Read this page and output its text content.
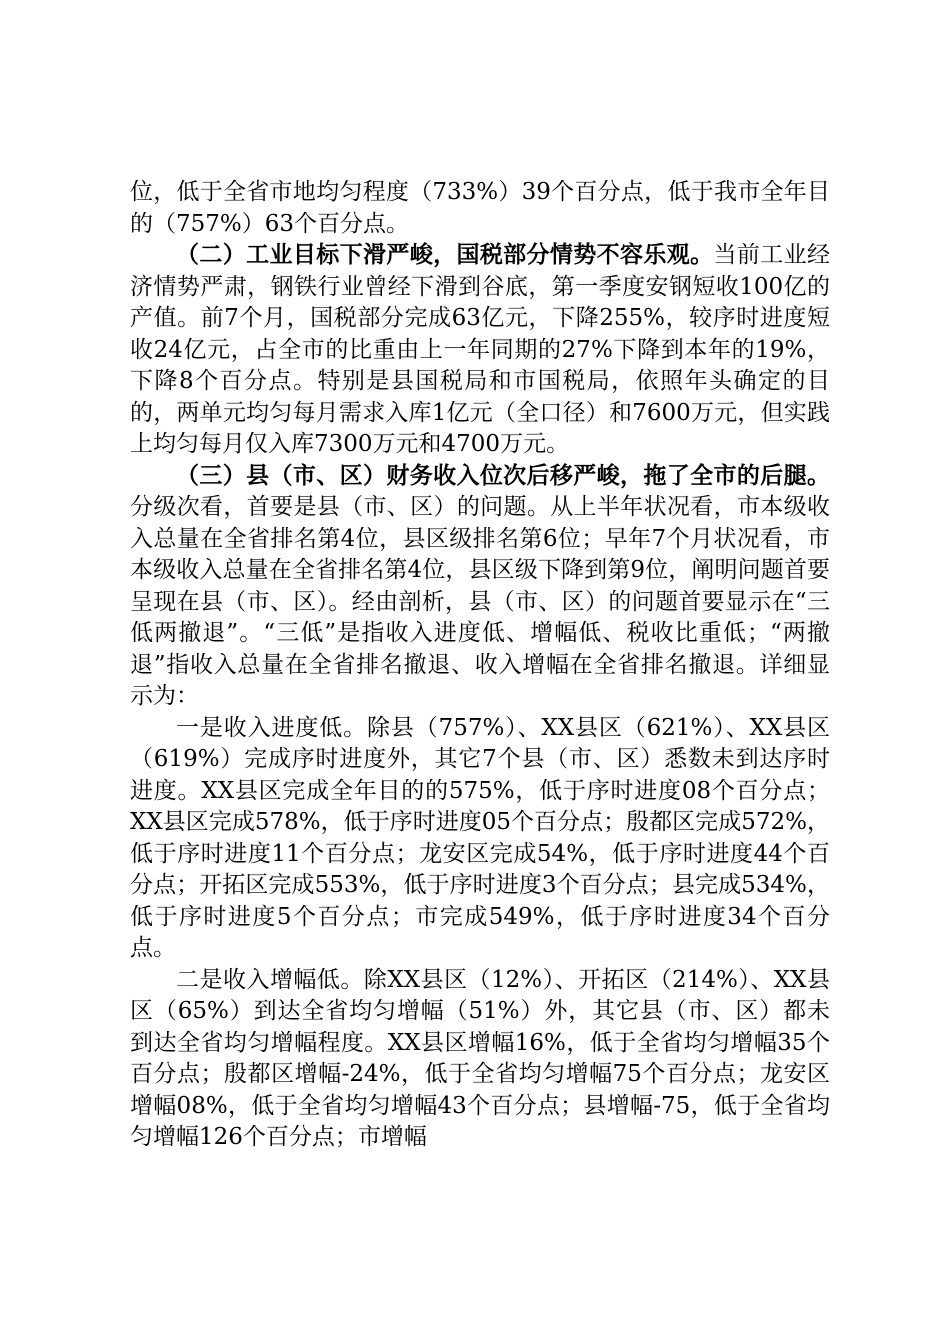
位，低于全省市地均匀程度（733%）39个百分点，低于我市全年目的（757%）63个百分点。

（二）工业目标下滑严峻，国税部分情势不容乐观。当前工业经济情势严肃，钢铁行业曾经下滑到谷底，第一季度安钢短收100亿的产值。前7个月，国税部分完成63亿元，下降255%，较序时进度短收24亿元，占全市的比重由上一年同期的27%下降到本年的19%，下降8个百分点。特别是县国税局和市国税局，依照年头确定的目的，两单元均匀每月需求入库1亿元（全口径）和7600万元，但实践上均匀每月仅入库7300万元和4700万元。

（三）县（市、区）财务收入位次后移严峻，拖了全市的后腿。分级次看，首要是县（市、区）的问题。从上半年状况看，市本级收入总量在全省排名第4位，县区级排名第6位；早年7个月状况看，市本级收入总量在全省排名第4位，县区级下降到第9位，阐明问题首要呈现在县（市、区）。经由剖析，县（市、区）的问题首要显示在“三低两撤退”。“三低”是指收入进度低、增幅低、税收比重低；“两撤退”指收入总量在全省排名撤退、收入增幅在全省排名撤退。详细显示为：

一是收入进度低。除县（757%）、XX县区（621%）、XX县区（619%）完成序时进度外，其它7个县（市、区）悉数未到达序时进度。XX县区完成全年目的的575%，低于序时进度08个百分点；XX县区完成578%，低于序时进度05个百分点；殷都区完成572%，低于序时进度11个百分点；龙安区完成54%，低于序时进度44个百分点；开拓区完成553%，低于序时进度3个百分点；县完成534%，低于序时进度5个百分点；市完成549%，低于序时进度34个百分点。

二是收入增幅低。除XX县区（12%）、开拓区（214%）、XX县区（65%）到达全省均匀增幅（51%）外，其它县（市、区）都未到达全省均匀增幅程度。XX县区增幅16%，低于全省均匀增幅35个百分点；殷都区增幅-24%，低于全省均匀增幅75个百分点；龙安区增幅08%，低于全省均匀增幅43个百分点；县增幅-75，低于全省均匀增幅126个百分点；市增幅
